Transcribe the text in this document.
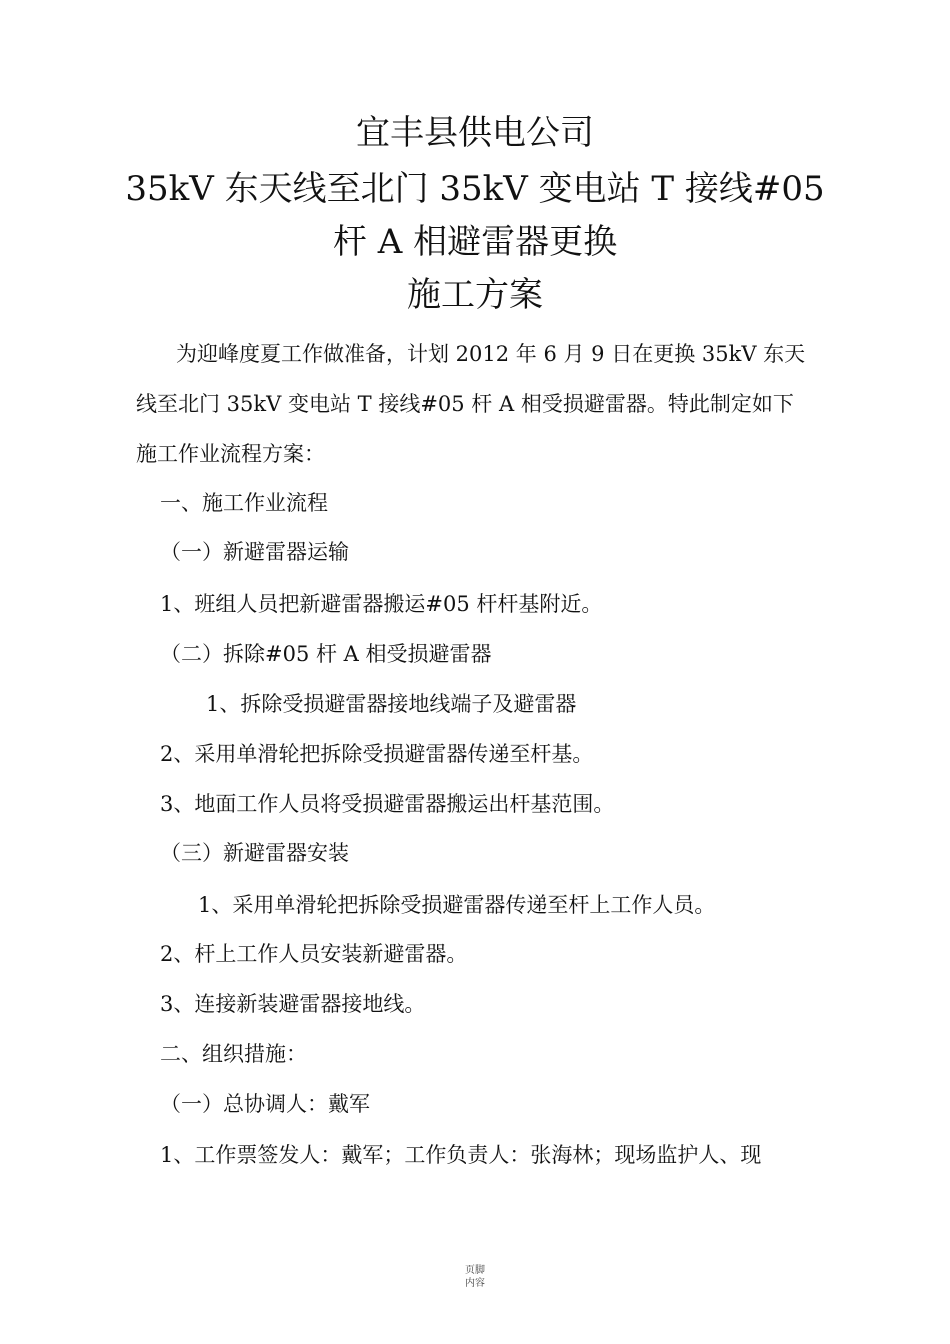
宜丰县供电公司
35kV 东天线至北门 35kV 变电站 T 接线#05
杆 A 相避雷器更换
施工方案
为迎峰度夏工作做准备，计划 2012 年 6 月 9 日在更换 35kV 东天
线至北门 35kV 变电站 T 接线#05 杆 A 相受损避雷器。特此制定如下
施工作业流程方案：
一、施工作业流程
（一）新避雷器运输
1、班组人员把新避雷器搬运#05 杆杆基附近。
（二）拆除#05 杆 A 相受损避雷器
1、拆除受损避雷器接地线端子及避雷器
2、采用单滑轮把拆除受损避雷器传递至杆基。
3、地面工作人员将受损避雷器搬运出杆基范围。
（三）新避雷器安装
1、采用单滑轮把拆除受损避雷器传递至杆上工作人员。
2、杆上工作人员安装新避雷器。
3、连接新装避雷器接地线。
二、组织措施：
（一）总协调人：戴军
1、工作票签发人：戴军；工作负责人：张海林；现场监护人、现
页脚
内容
